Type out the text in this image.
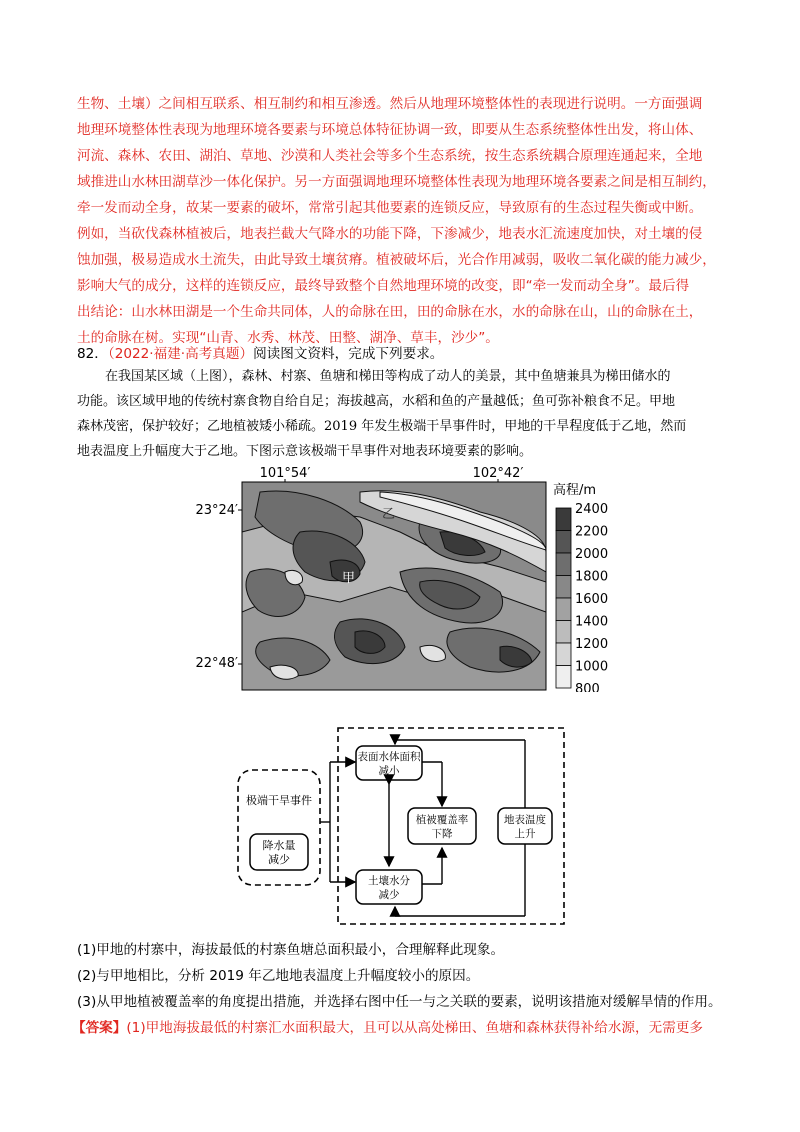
生物、土壤）之间相互联系、相互制约和相互渗透。然后从地理环境整体性的表现进行说明。一方面强调
地理环境整体性表现为地理环境各要素与环境总体特征协调一致，即要从生态系统整体性出发，将山体、
河流、森林、农田、湖泊、草地、沙漠和人类社会等多个生态系统，按生态系统耦合原理连通起来，全地
域推进山水林田湖草沙一体化保护。另一方面强调地理环境整体性表现为地理环境各要素之间是相互制约，
牵一发而动全身，故某一要素的破坏，常常引起其他要素的连锁反应，导致原有的生态过程失衡或中断。
例如，当砍伐森林植被后，地表拦截大气降水的功能下降，下渗减少，地表水汇流速度加快，对土壤的侵
蚀加强，极易造成水土流失，由此导致土壤贫瘠。植被破坏后，光合作用减弱，吸收二氧化碳的能力减少，
影响大气的成分，这样的连锁反应，最终导致整个自然地理环境的改变，即“牵一发而动全身”。最后得
出结论：山水林田湖是一个生命共同体，人的命脉在田，田的命脉在水，水的命脉在山，山的命脉在土，
土的命脉在树。实现“山青、水秀、林茂、田整、湖净、草丰，沙少”。
82．（2022·福建·高考真题）阅读图文资料，完成下列要求。
在我国某区域（上图），森林、村寨、鱼塘和梯田等构成了动人的美景，其中鱼塘兼具为梯田储水的
功能。该区域甲地的传统村寨食物自给自足；海拔越高，水稻和鱼的产量越低；鱼可弥补粮食不足。甲地
森林茂密，保护较好；乙地植被矮小稀疏。2019 年发生极端干旱事件时，甲地的干旱程度低于乙地，然而
地表温度上升幅度大于乙地。下图示意该极端干旱事件对地表环境要素的影响。
101°54′	102°42′
23°24′
22°48′
乙
甲
高程/m
2400
2200
2000
1800
1600
1400
1200
1000
800
极端干旱事件
降水量
减少
表面水体面积
减小
土壤水分
减少
植被覆盖率
下降
地表温度
上升
(1)甲地的村寨中，海拔最低的村寨鱼塘总面积最小，合理解释此现象。
(2)与甲地相比，分析 2019 年乙地地表温度上升幅度较小的原因。
(3)从甲地植被覆盖率的角度提出措施，并选择右图中任一与之关联的要素，说明该措施对缓解旱情的作用。
【答案】(1)甲地海拔最低的村寨汇水面积最大，且可以从高处梯田、鱼塘和森林获得补给水源，无需更多
